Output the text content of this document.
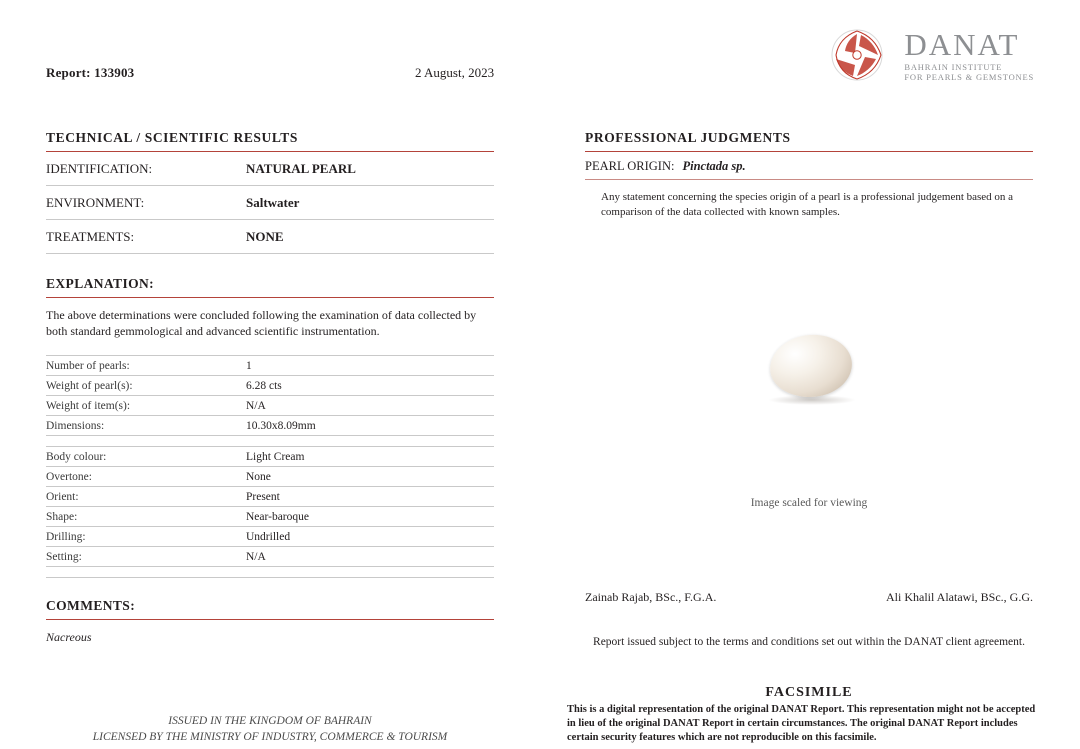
Report: 133903	2 August, 2023
DANAT
BAHRAIN INSTITUTE
FOR PEARLS & GEMSTONES
TECHNICAL / SCIENTIFIC RESULTS
IDENTIFICATION:	NATURAL PEARL
ENVIRONMENT:	Saltwater
TREATMENTS:	NONE
EXPLANATION:
The above determinations were concluded following the examination of data collected by both standard gemmological and advanced scientific instrumentation.
Number of pearls:	1
Weight of pearl(s):	6.28 cts
Weight of item(s):	N/A
Dimensions:	10.30x8.09mm
Body colour:	Light Cream
Overtone:	None
Orient:	Present
Shape:	Near-baroque
Drilling:	Undrilled
Setting:	N/A
COMMENTS:
Nacreous
PROFESSIONAL JUDGMENTS
PEARL ORIGIN: Pinctada sp.
Any statement concerning the species origin of a pearl is a professional judgement based on a comparison of the data collected with known samples.
Image scaled for viewing
Zainab Rajab, BSc., F.G.A.	Ali Khalil Alatawi, BSc., G.G.
Report issued subject to the terms and conditions set out within the DANAT client agreement.
FACSIMILE
This is a digital representation of the original DANAT Report. This representation might not be accepted in lieu of the original DANAT Report in certain circumstances. The original DANAT Report includes certain security features which are not reproducible on this facsimile.
ISSUED IN THE KINGDOM OF BAHRAIN
LICENSED BY THE MINISTRY OF INDUSTRY, COMMERCE & TOURISM
